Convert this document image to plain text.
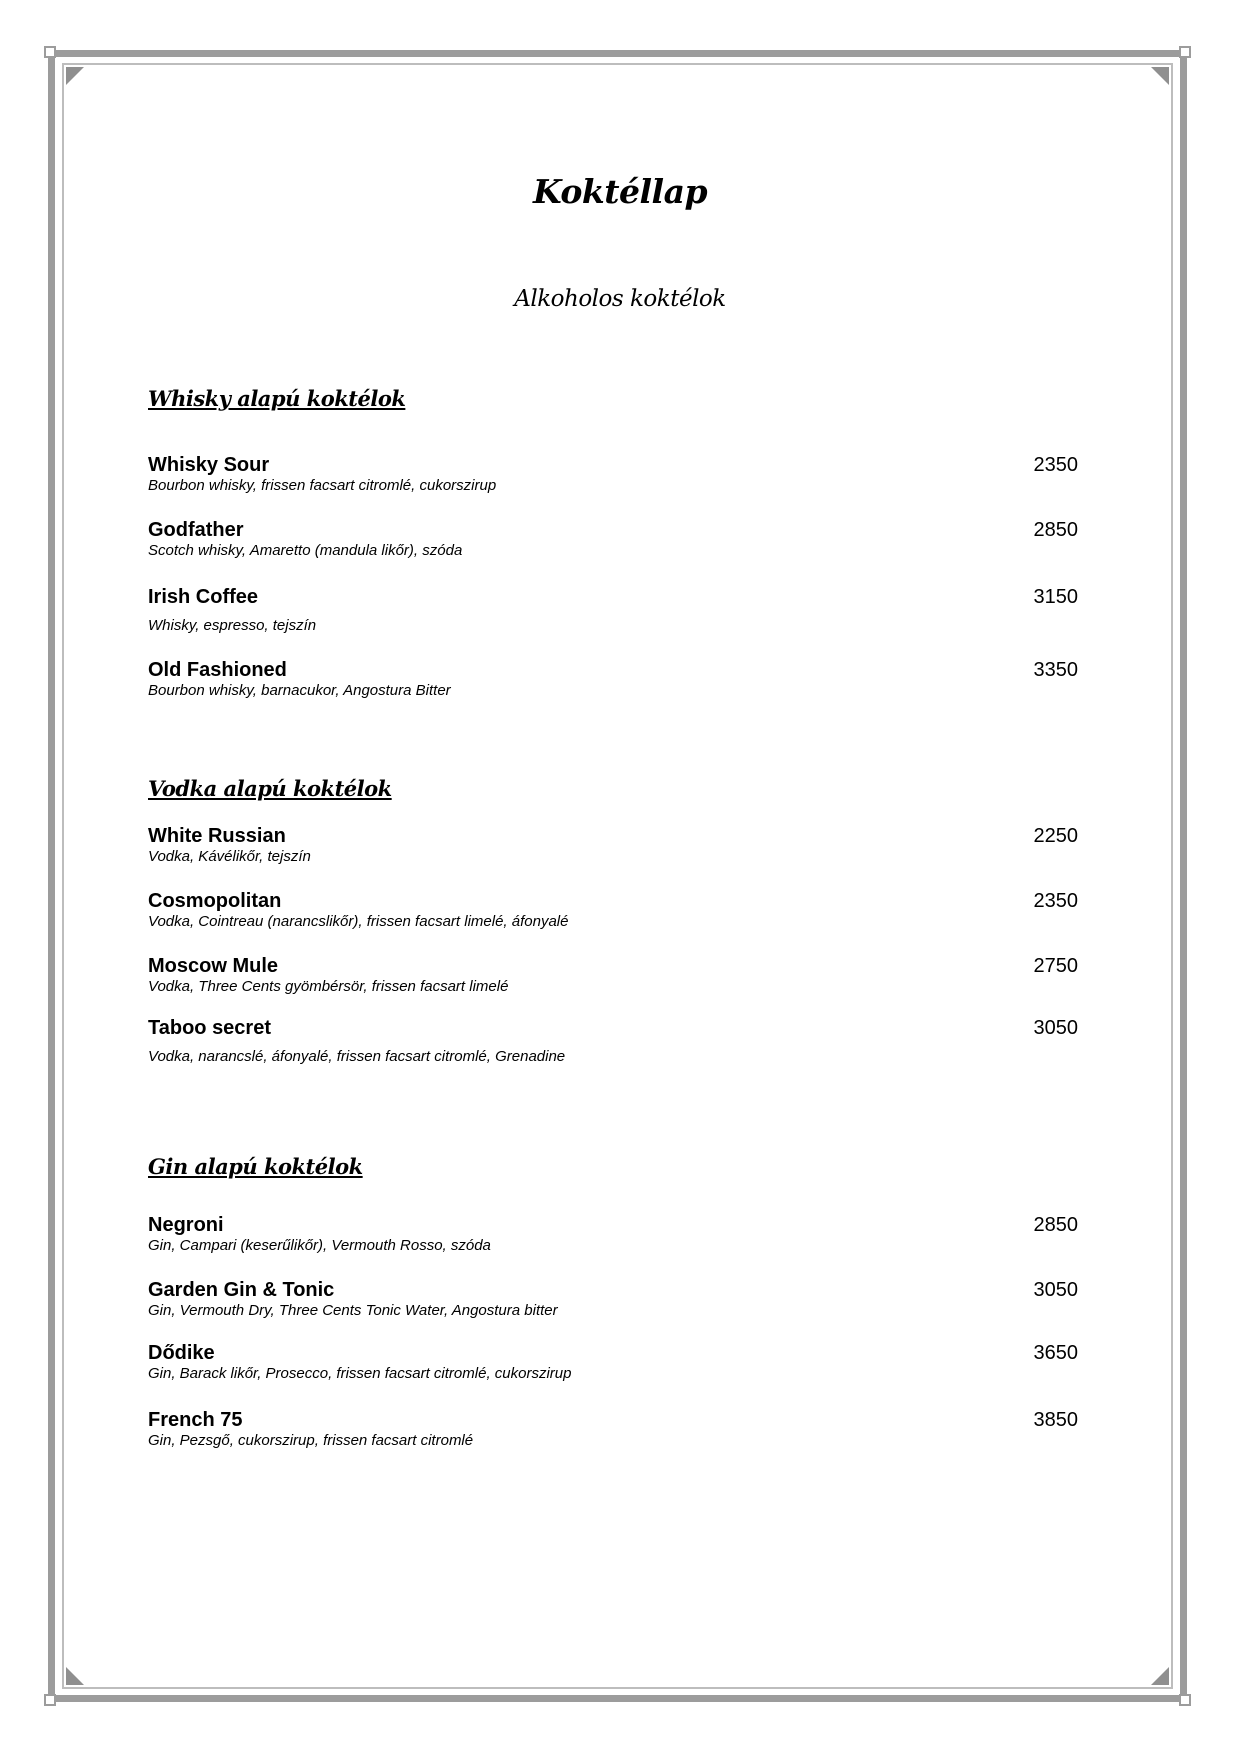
Koktéllap
Alkoholos koktélok
Whisky alapú koktélok
Whisky Sour
Bourbon whisky, frissen facsart citromlé, cukorszirup
2350
Godfather
Scotch whisky, Amaretto (mandula likőr), szóda
2850
Irish Coffee
Whisky, espresso, tejszín
3150
Old Fashioned
Bourbon whisky, barnacukor, Angostura Bitter
3350
Vodka alapú koktélok
White Russian
Vodka, Kávélikőr, tejszín
2250
Cosmopolitan
Vodka, Cointreau (narancslikőr), frissen facsart limelé, áfonyalé
2350
Moscow Mule
Vodka, Three Cents gyömbérsör, frissen facsart limelé
2750
Taboo secret
Vodka, narancslé, áfonyalé, frissen facsart citromlé, Grenadine
3050
Gin alapú koktélok
Negroni
Gin, Campari (keserűlikőr), Vermouth Rosso, szóda
2850
Garden Gin & Tonic
Gin, Vermouth Dry, Three Cents Tonic Water, Angostura bitter
3050
Dődike
Gin, Barack likőr, Prosecco, frissen facsart citromlé, cukorszirup
3650
French 75
Gin, Pezsgő, cukorszirup, frissen facsart citromlé
3850
